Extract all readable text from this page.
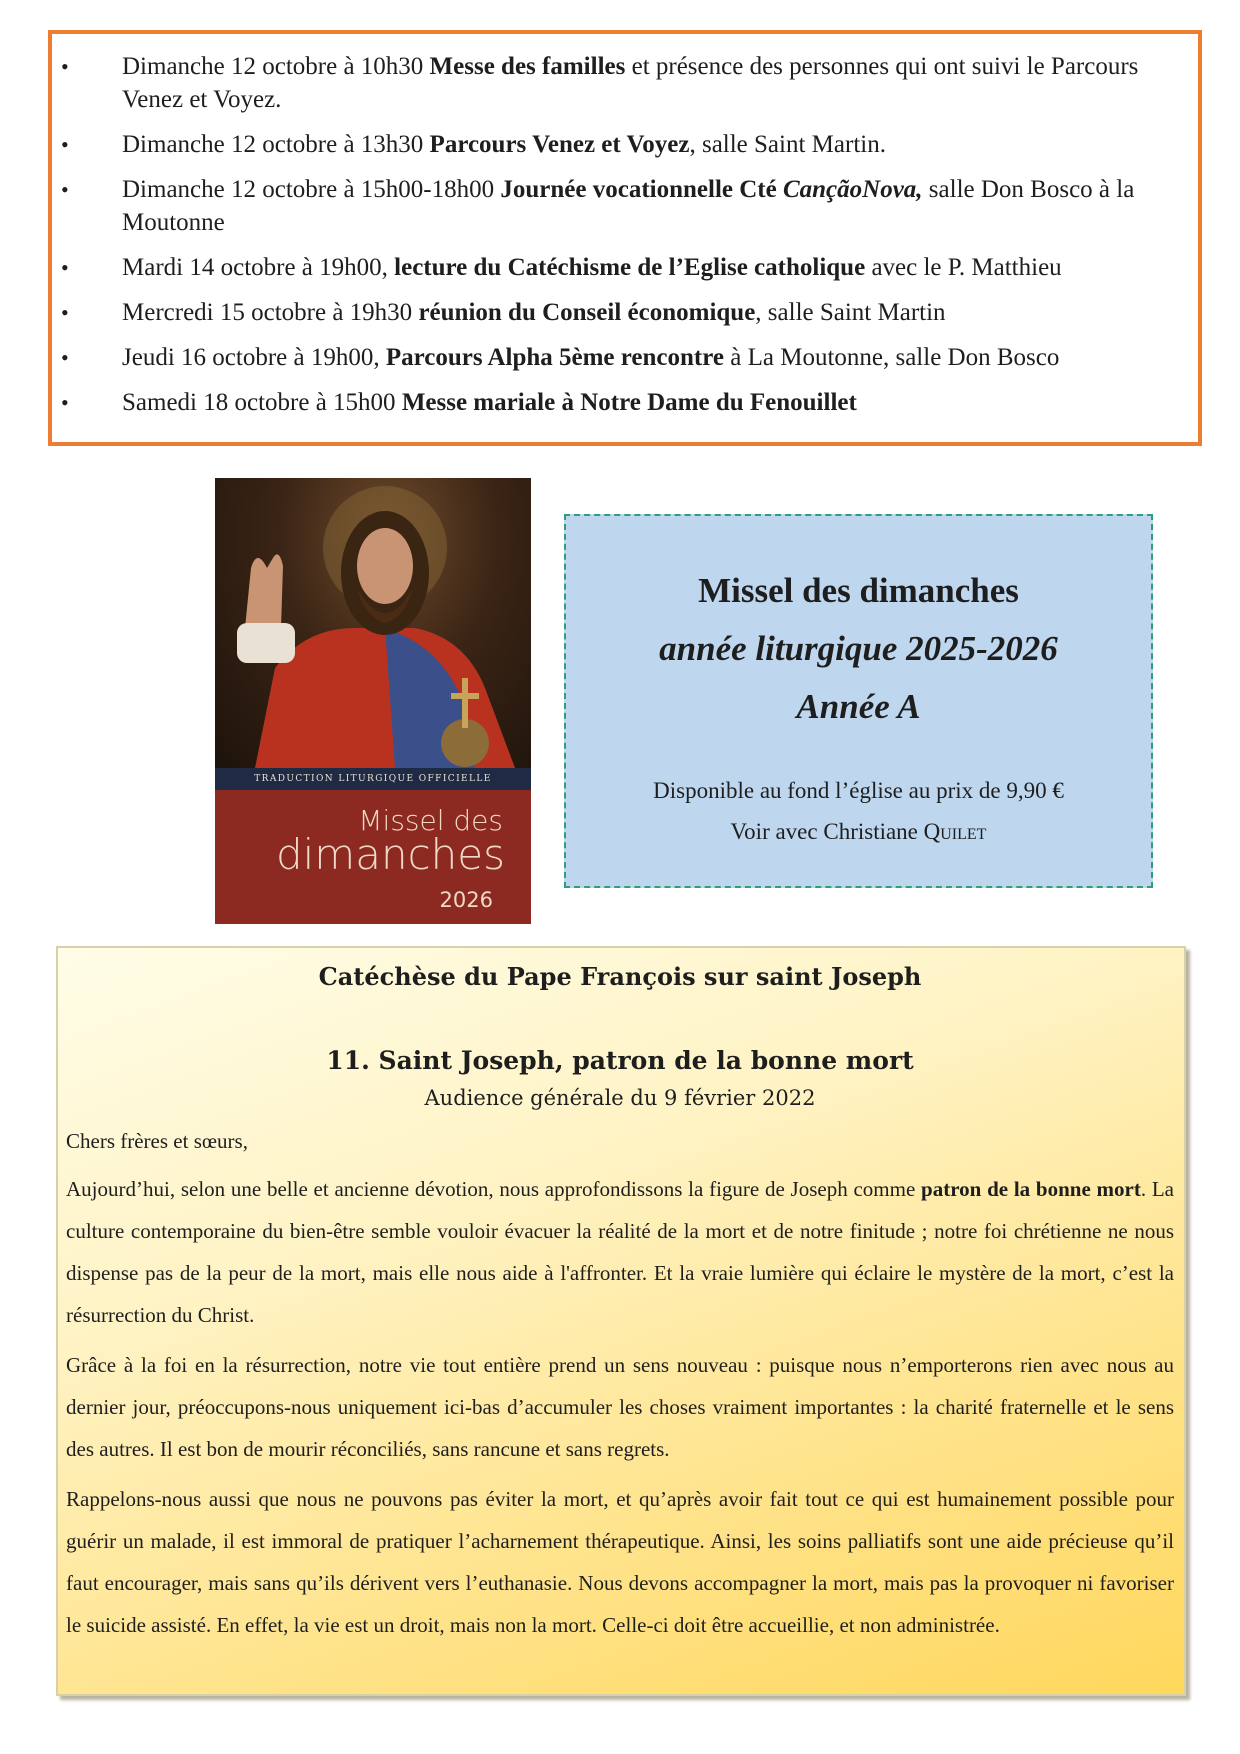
• Dimanche 12 octobre à 10h30 Messe des familles et présence des personnes qui ont suivi le Parcours Venez et Voyez.
• Dimanche 12 octobre à 13h30 Parcours Venez et Voyez, salle Saint Martin.
• Dimanche 12 octobre à 15h00-18h00 Journée vocationnelle Cté CançãoNova, salle Don Bosco à la Moutonne
• Mardi 14 octobre à 19h00, lecture du Catéchisme de l’Eglise catholique avec le P. Matthieu
• Mercredi 15 octobre à 19h30 réunion du Conseil économique, salle Saint Martin
• Jeudi 16 octobre à 19h00, Parcours Alpha 5ème rencontre à La Moutonne, salle Don Bosco
• Samedi 18 octobre à 15h00 Messe mariale à Notre Dame du Fenouillet
TRADUCTION LITURGIQUE OFFICIELLE
Missel des
dimanches
2026
Missel des dimanches
année liturgique 2025-2026
Année A
Disponible au fond l’église au prix de 9,90 €
Voir avec Christiane Quilet
Catéchèse du Pape François sur saint Joseph
11. Saint Joseph, patron de la bonne mort
Audience générale du 9 février 2022

Chers frères et sœurs,

Aujourd’hui, selon une belle et ancienne dévotion, nous approfondissons la figure de Joseph comme patron de la bonne mort. La culture contemporaine du bien-être semble vouloir évacuer la réalité de la mort et de notre finitude ; notre foi chrétienne ne nous dispense pas de la peur de la mort, mais elle nous aide à l'affronter. Et la vraie lumière qui éclaire le mystère de la mort, c’est la résurrection du Christ.

Grâce à la foi en la résurrection, notre vie tout entière prend un sens nouveau : puisque nous n’emporterons rien avec nous au dernier jour, préoccupons-nous uniquement ici-bas d’accumuler les choses vraiment importantes : la charité fraternelle et le sens des autres. Il est bon de mourir réconciliés, sans rancune et sans regrets.

Rappelons-nous aussi que nous ne pouvons pas éviter la mort, et qu’après avoir fait tout ce qui est humainement possible pour guérir un malade, il est immoral de pratiquer l’acharnement thérapeutique. Ainsi, les soins palliatifs sont une aide précieuse qu’il faut encourager, mais sans qu’ils dérivent vers l’euthanasie. Nous devons accompagner la mort, mais pas la provoquer ni favoriser le suicide assisté. En effet, la vie est un droit, mais non la mort. Celle-ci doit être accueillie, et non administrée.
